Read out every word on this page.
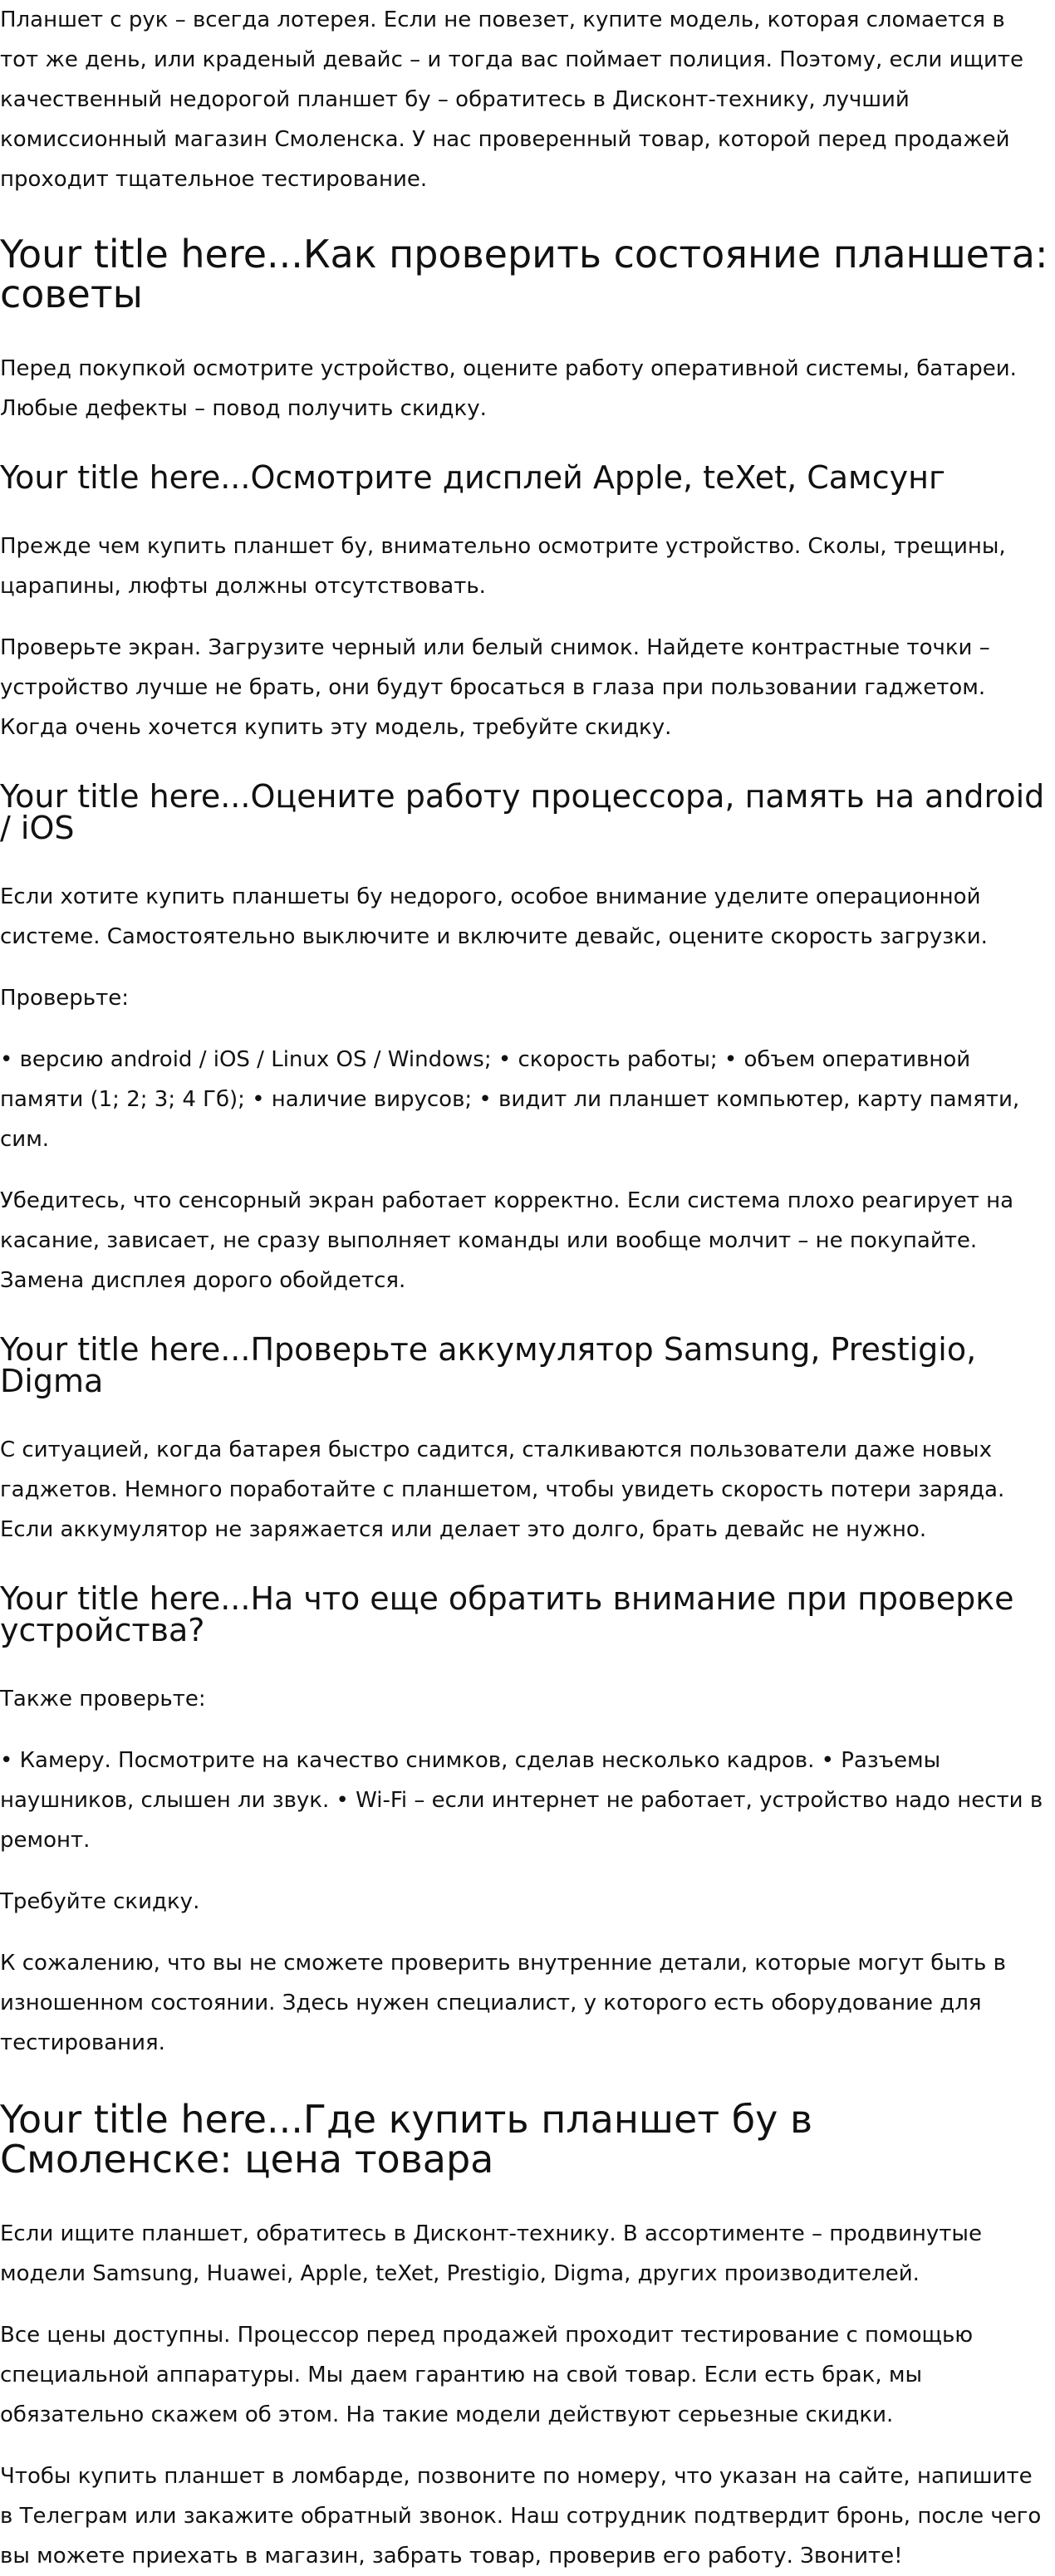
Планшет с рук – всегда лотерея. Если не повезет, купите модель, которая сломается в тот же день, или краденый девайс – и тогда вас поймает полиция. Поэтому, если ищите качественный недорогой планшет бу – обратитесь в Дисконт-технику, лучший комиссионный магазин Смоленска. У нас проверенный товар, которой перед продажей проходит тщательное тестирование.

Your title here...Как проверить состояние планшета: советы

Перед покупкой осмотрите устройство, оцените работу оперативной системы, батареи. Любые дефекты – повод получить скидку.

Your title here...Осмотрите дисплей Apple, teXet, Самсунг

Прежде чем купить планшет бу, внимательно осмотрите устройство. Сколы, трещины, царапины, люфты должны отсутствовать.

Проверьте экран. Загрузите черный или белый снимок. Найдете контрастные точки – устройство лучше не брать, они будут бросаться в глаза при пользовании гаджетом. Когда очень хочется купить эту модель, требуйте скидку.

Your title here...Оцените работу процессора, память на android / iOS

Если хотите купить планшеты бу недорого, особое внимание уделите операционной системе. Самостоятельно выключите и включите девайс, оцените скорость загрузки.

Проверьте:

• версию android / iOS / Linux OS / Windows; • скорость работы; • объем оперативной памяти (1; 2; 3; 4 Гб); • наличие вирусов; • видит ли планшет компьютер, карту памяти, сим.

Убедитесь, что сенсорный экран работает корректно. Если система плохо реагирует на касание, зависает, не сразу выполняет команды или вообще молчит – не покупайте. Замена дисплея дорого обойдется.

Your title here...Проверьте аккумулятор Samsung, Prestigio, Digma

С ситуацией, когда батарея быстро садится, сталкиваются пользователи даже новых гаджетов. Немного поработайте с планшетом, чтобы увидеть скорость потери заряда. Если аккумулятор не заряжается или делает это долго, брать девайс не нужно.

Your title here...На что еще обратить внимание при проверке устройства?

Также проверьте:

• Камеру. Посмотрите на качество снимков, сделав несколько кадров. • Разъемы наушников, слышен ли звук. • Wi-Fi – если интернет не работает, устройство надо нести в ремонт.

Требуйте скидку.

К сожалению, что вы не сможете проверить внутренние детали, которые могут быть в изношенном состоянии. Здесь нужен специалист, у которого есть оборудование для тестирования.

Your title here...Где купить планшет бу в Смоленске: цена товара

Если ищите планшет, обратитесь в Дисконт-технику. В ассортименте – продвинутые модели Samsung, Huawei, Apple, teXet, Prestigio, Digma, других производителей.

Все цены доступны. Процессор перед продажей проходит тестирование с помощью специальной аппаратуры. Мы даем гарантию на свой товар. Если есть брак, мы обязательно скажем об этом. На такие модели действуют серьезные скидки.

Чтобы купить планшет в ломбарде, позвоните по номеру, что указан на сайте, напишите в Телеграм или закажите обратный звонок. Наш сотрудник подтвердит бронь, после чего вы можете приехать в магазин, забрать товар, проверив его работу. Звоните!
